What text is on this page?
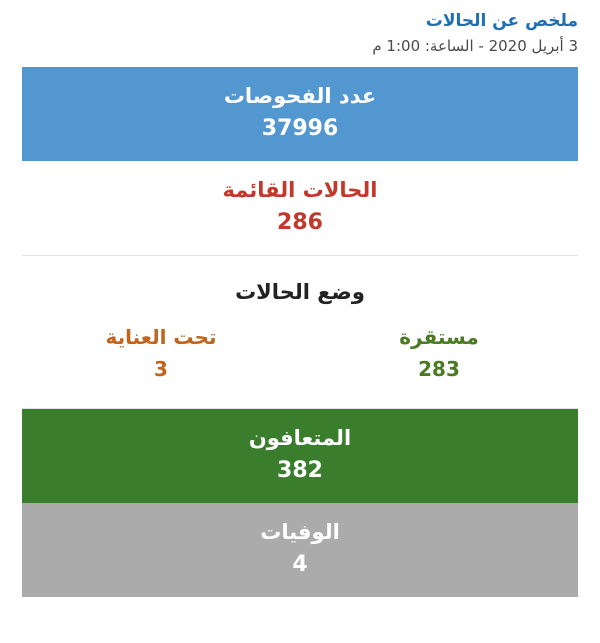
ملخص عن الحالات
3 أبريل 2020 - الساعة: 1:00 م
عدد الفحوصات
37996
الحالات القائمة
286
وضع الحالات
مستقرة
283
تحت العناية
3
المتعافون
382
الوفيات
4
